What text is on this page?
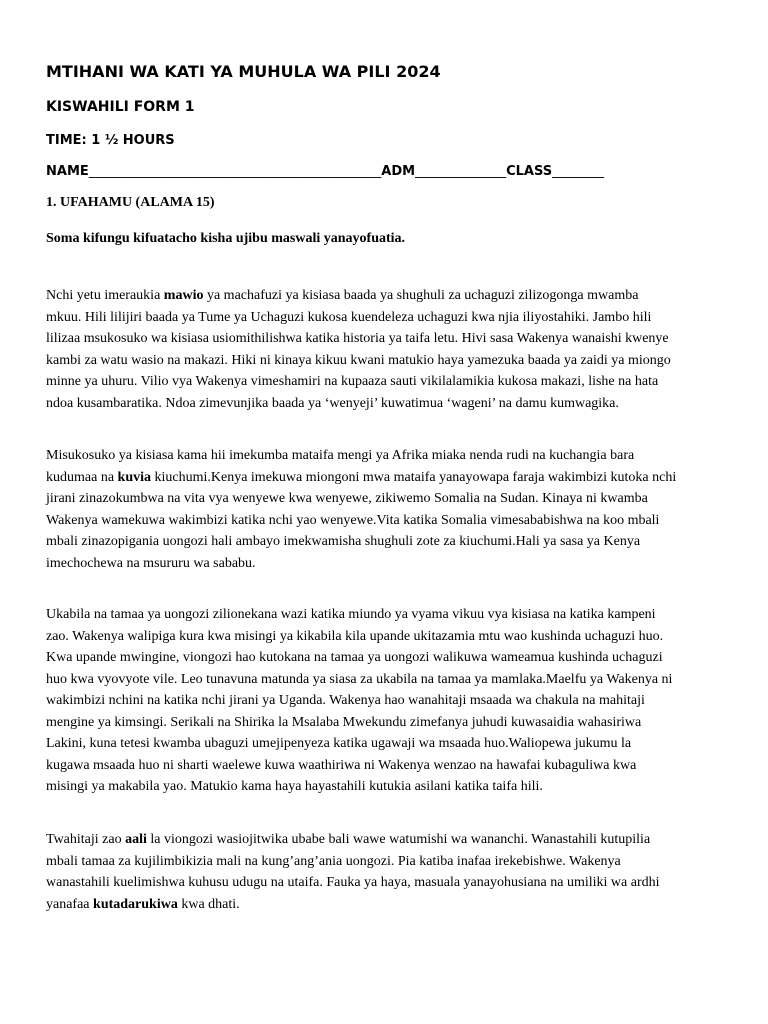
MTIHANI WA KATI YA MUHULA WA PILI 2024
KISWAHILI FORM 1
TIME: 1 ½ HOURS
NAME_____________________________________________ADM______________CLASS________
1. UFAHAMU (ALAMA 15)
Soma kifungu kifuatacho kisha ujibu maswali yanayofuatia.
Nchi yetu imeraukia mawio ya machafuzi ya kisiasa baada ya shughuli za uchaguzi zilizogonga mwamba
mkuu. Hili lilijiri baada ya Tume ya Uchaguzi kukosa kuendeleza uchaguzi kwa njia iliyostahiki. Jambo hili
lilizaa msukosuko wa kisiasa usiomithilishwa katika historia ya taifa letu. Hivi sasa Wakenya wanaishi kwenye
kambi za watu wasio na makazi. Hiki ni kinaya kikuu kwani matukio haya yamezuka baada ya zaidi ya miongo
minne ya uhuru. Vilio vya Wakenya vimeshamiri na kupaaza sauti vikilalamikia kukosa makazi, lishe na hata
ndoa kusambaratika. Ndoa zimevunjika baada ya ‘wenyeji’ kuwatimua ‘wageni’ na damu kumwagika.
Misukosuko ya kisiasa kama hii imekumba mataifa mengi ya Afrika miaka nenda rudi na kuchangia bara
kudumaa na kuvia kiuchumi.Kenya imekuwa miongoni mwa mataifa yanayowapa faraja wakimbizi kutoka nchi
jirani zinazokumbwa na vita vya wenyewe kwa wenyewe, zikiwemo Somalia na Sudan. Kinaya ni kwamba
Wakenya wamekuwa wakimbizi katika nchi yao wenyewe.Vita katika Somalia vimesababishwa na koo mbali
mbali zinazopigania uongozi hali ambayo imekwamisha shughuli zote za kiuchumi.Hali ya sasa ya Kenya
imechochewa na msururu wa sababu.
Ukabila na tamaa ya uongozi zilionekana wazi katika miundo ya vyama vikuu vya kisiasa na katika kampeni
zao. Wakenya walipiga kura kwa misingi ya kikabila kila upande ukitazamia mtu wao kushinda uchaguzi huo.
Kwa upande mwingine, viongozi hao kutokana na tamaa ya uongozi walikuwa wameamua kushinda uchaguzi
huo kwa vyovyote vile. Leo tunavuna matunda ya siasa za ukabila na tamaa ya mamlaka.Maelfu ya Wakenya ni
wakimbizi nchini na katika nchi jirani ya Uganda. Wakenya hao wanahitaji msaada wa chakula na mahitaji
mengine ya kimsingi. Serikali na Shirika la Msalaba Mwekundu zimefanya juhudi kuwasaidia wahasiriwa
Lakini, kuna tetesi kwamba ubaguzi umejipenyeza katika ugawaji wa msaada huo.Waliopewa jukumu la
kugawa msaada huo ni sharti waelewe kuwa waathiriwa ni Wakenya wenzao na hawafai kubaguliwa kwa
misingi ya makabila yao. Matukio kama haya hayastahili kutukia asilani katika taifa hili.
Twahitaji zao aali la viongozi wasiojitwika ubabe bali wawe watumishi wa wananchi. Wanastahili kutupilia
mbali tamaa za kujilimbikizia mali na kung’ang’ania uongozi. Pia katiba inafaa irekebishwe. Wakenya
wanastahili kuelimishwa kuhusu udugu na utaifa. Fauka ya haya, masuala yanayohusiana na umiliki wa ardhi
yanafaa kutadarukiwa kwa dhati.
